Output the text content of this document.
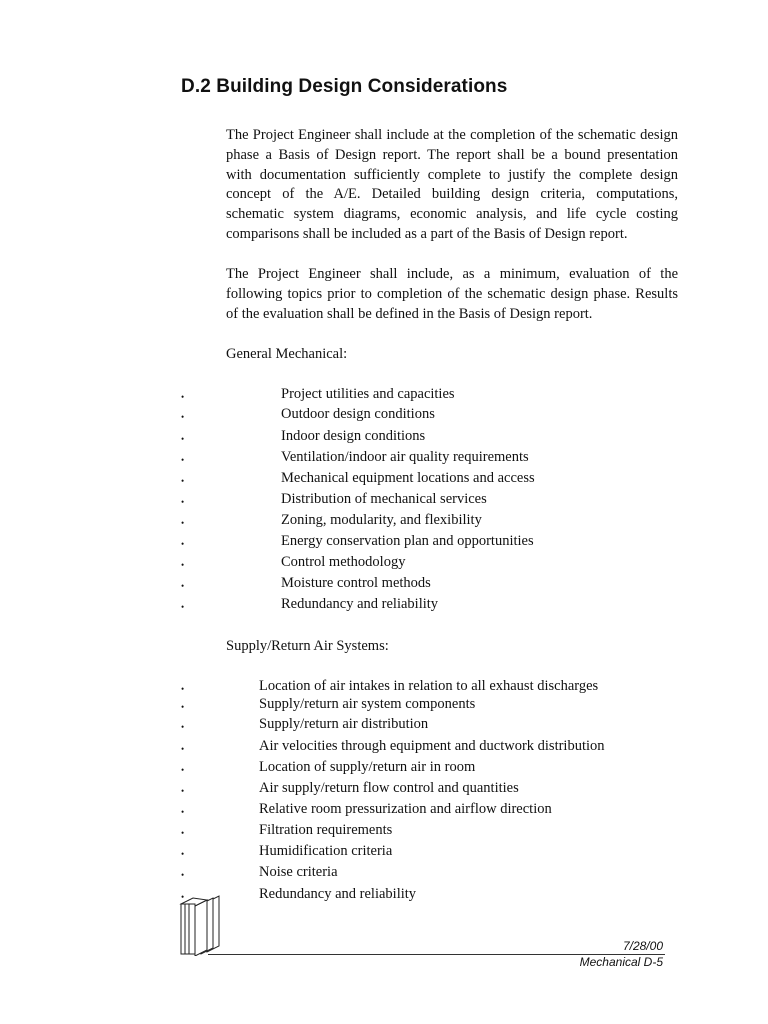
D.2 Building Design Considerations

The Project Engineer shall include at the completion of the schematic design
phase a Basis of Design report. The report shall be a bound presentation
with documentation sufficiently complete to justify the complete design
concept of the A/E. Detailed building design criteria, computations,
schematic system diagrams, economic analysis, and life cycle costing
comparisons shall be included as a part of the Basis of Design report.

The Project Engineer shall include, as a minimum, evaluation of the
following topics prior to completion of the schematic design phase. Results
of the evaluation shall be defined in the Basis of Design report.

General Mechanical:
•	Project utilities and capacities
•	Outdoor design conditions
•	Indoor design conditions
•	Ventilation/indoor air quality requirements
•	Mechanical equipment locations and access
•	Distribution of mechanical services
•	Zoning, modularity, and flexibility
•	Energy conservation plan and opportunities
•	Control methodology
•	Moisture control methods
•	Redundancy and reliability
Supply/Return Air Systems:
•	Location of air intakes in relation to all exhaust discharges
•	Supply/return air system components
•	Supply/return air distribution
•	Air velocities through equipment and ductwork distribution
•	Location of supply/return air in room
•	Air supply/return flow control and quantities
•	Relative room pressurization and airflow direction
•	Filtration requirements
•	Humidification criteria
•	Noise criteria
•	Redundancy and reliability
7/28/00
Mechanical D-5
